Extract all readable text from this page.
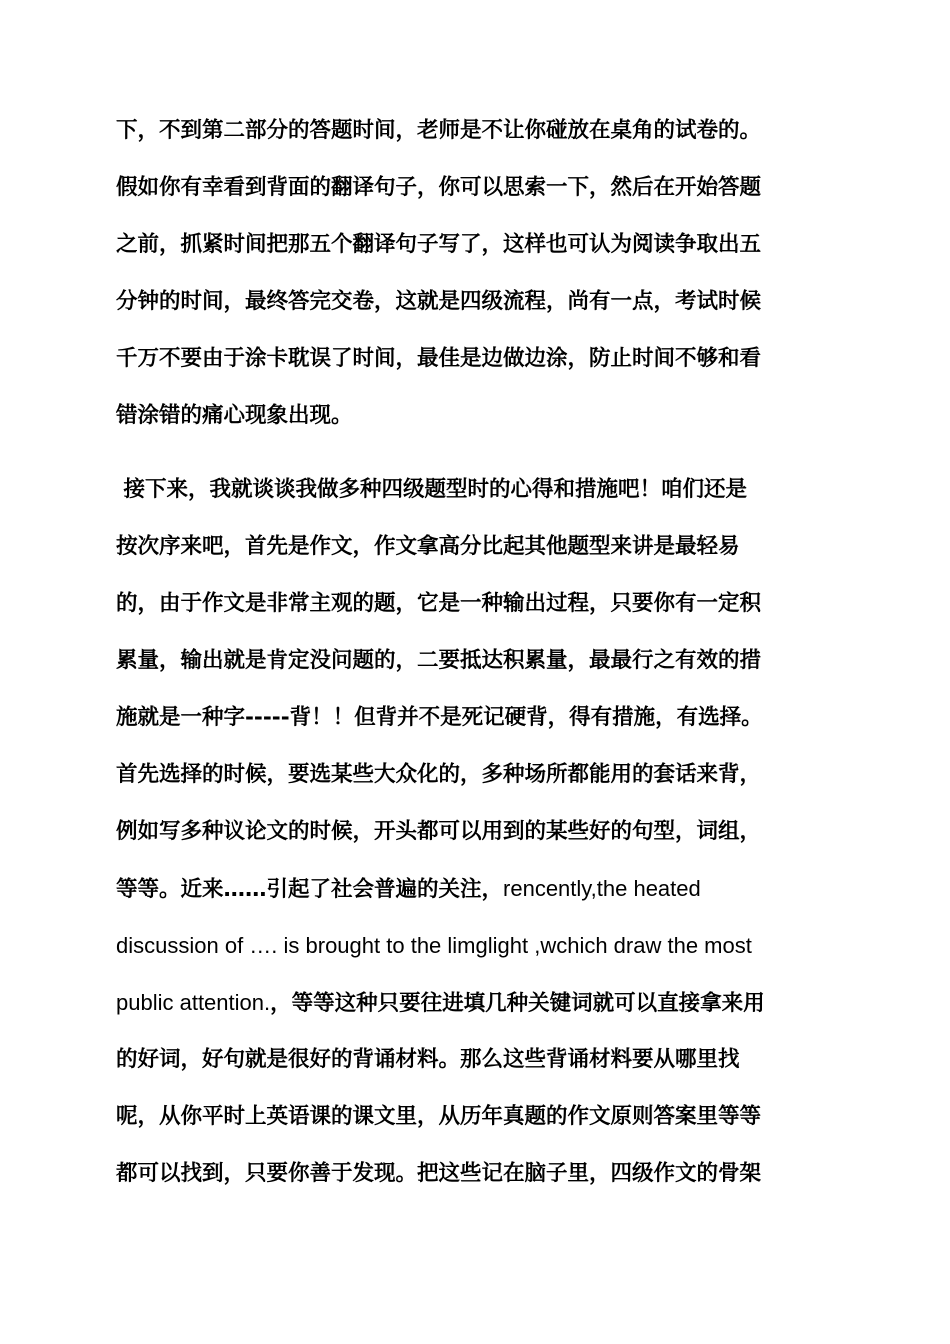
下，不到第二部分的答题时间，老师是不让你碰放在桌角的试卷的。
假如你有幸看到背面的翻译句子，你可以思索一下，然后在开始答题
之前，抓紧时间把那五个翻译句子写了，这样也可认为阅读争取出五
分钟的时间，最终答完交卷，这就是四级流程，尚有一点，考试时候
千万不要由于涂卡耽误了时间，最佳是边做边涂，防止时间不够和看
错涂错的痛心现象出现。
接下来，我就谈谈我做多种四级题型时的心得和措施吧！咱们还是
按次序来吧，首先是作文，作文拿高分比起其他题型来讲是最轻易
的，由于作文是非常主观的题，它是一种输出过程，只要你有一定积
累量，输出就是肯定没问题的，二要抵达积累量，最最行之有效的措
施就是一种字-----背！！但背并不是死记硬背，得有措施，有选择。
首先选择的时候，要选某些大众化的，多种场所都能用的套话来背，
例如写多种议论文的时候，开头都可以用到的某些好的句型，词组，
等等。近来……引起了社会普遍的关注，rencently,the heated
discussion of …. is brought to the limglight ,wchich draw the most
public attention.，等等这种只要往进填几种关键词就可以直接拿来用
的好词，好句就是很好的背诵材料。那么这些背诵材料要从哪里找
呢，从你平时上英语课的课文里，从历年真题的作文原则答案里等等
都可以找到，只要你善于发现。把这些记在脑子里，四级作文的骨架
